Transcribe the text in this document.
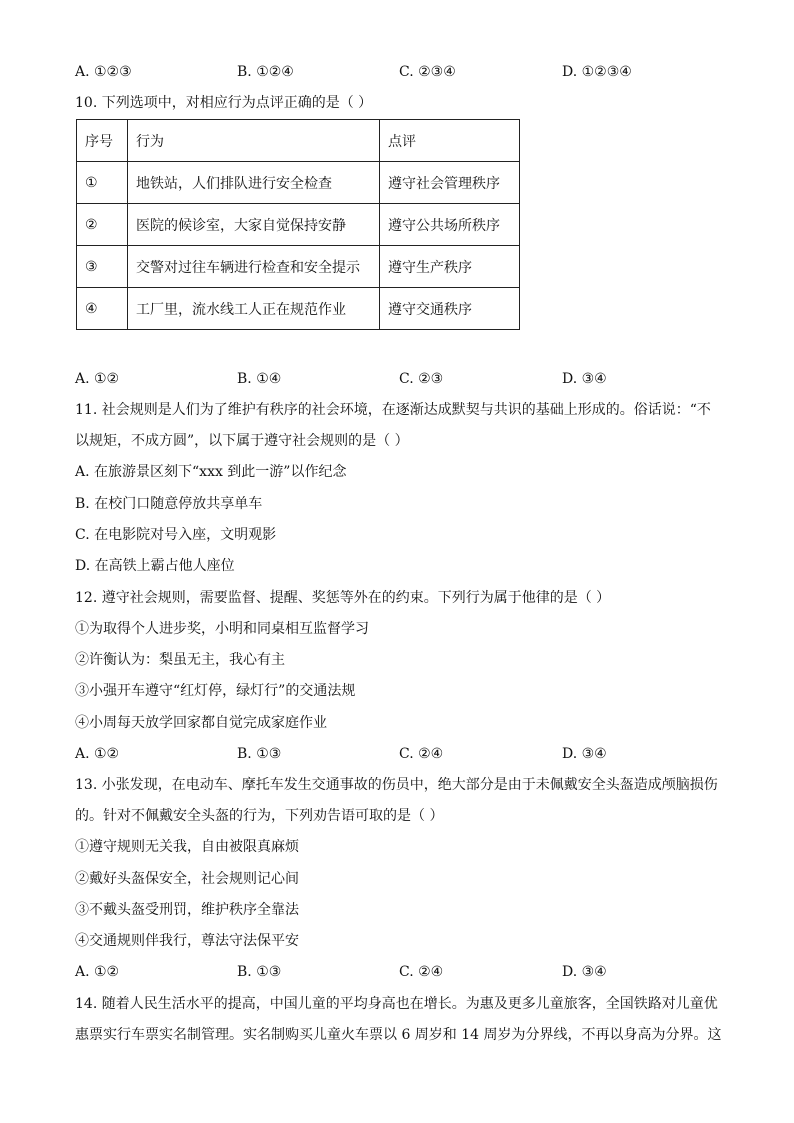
A. ①②③	B. ①②④	C. ②③④	D. ①②③④
10. 下列选项中，对相应行为点评正确的是（ ）
序号	行为	点评
①	地铁站，人们排队进行安全检查	遵守社会管理秩序
②	医院的候诊室，大家自觉保持安静	遵守公共场所秩序
③	交警对过往车辆进行检查和安全提示	遵守生产秩序
④	工厂里，流水线工人正在规范作业	遵守交通秩序
A. ①②	B. ①④	C. ②③	D. ③④
11. 社会规则是人们为了维护有秩序的社会环境，在逐渐达成默契与共识的基础上形成的。俗话说：“不
以规矩，不成方圆”，以下属于遵守社会规则的是（ ）
A. 在旅游景区刻下“xxx 到此一游”以作纪念
B. 在校门口随意停放共享单车
C. 在电影院对号入座，文明观影
D. 在高铁上霸占他人座位
12. 遵守社会规则，需要监督、提醒、奖惩等外在的约束。下列行为属于他律的是（ ）
①为取得个人进步奖，小明和同桌相互监督学习
②许衡认为：梨虽无主，我心有主
③小强开车遵守“红灯停，绿灯行”的交通法规
④小周每天放学回家都自觉完成家庭作业
A. ①②	B. ①③	C. ②④	D. ③④
13. 小张发现，在电动车、摩托车发生交通事故的伤员中，绝大部分是由于未佩戴安全头盔造成颅脑损伤
的。针对不佩戴安全头盔的行为，下列劝告语可取的是（ ）
①遵守规则无关我，自由被限真麻烦
②戴好头盔保安全，社会规则记心间
③不戴头盔受刑罚，维护秩序全靠法
④交通规则伴我行，尊法守法保平安
A. ①②	B. ①③	C. ②④	D. ③④
14. 随着人民生活水平的提高，中国儿童的平均身高也在增长。为惠及更多儿童旅客，全国铁路对儿童优
惠票实行车票实名制管理。实名制购买儿童火车票以 6 周岁和 14 周岁为分界线，不再以身高为分界。这
